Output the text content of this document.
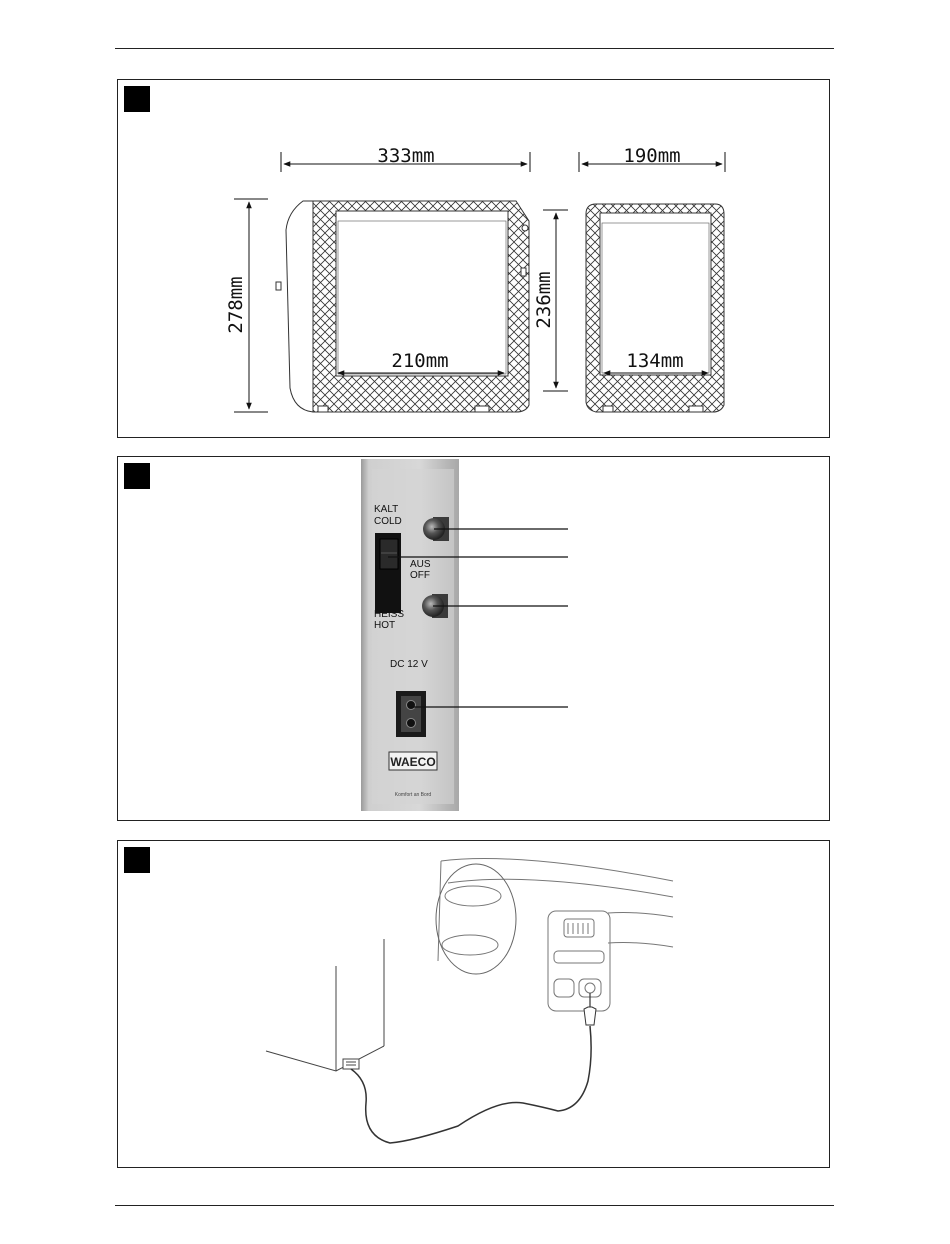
333mm	190mm
210mm	134mm
278mm	236mm
KALT
COLD
AUS
OFF
HEISS
HOT
DC 12 V
WAECO
Komfort an Bord
